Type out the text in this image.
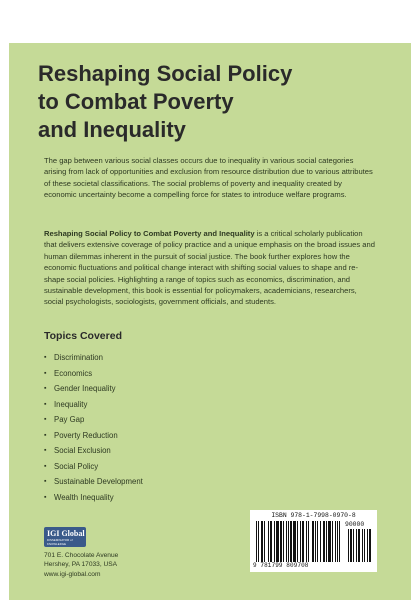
Reshaping Social Policy
to Combat Poverty
and Inequality

The gap between various social classes occurs due to inequality in various social categories arising from lack of opportunities and exclusion from resource distribution due to various attributes of these societal classifications. The social problems of poverty and inequality created by economic uncertainty become a compelling force for states to introduce welfare programs.

Reshaping Social Policy to Combat Poverty and Inequality is a critical scholarly publication that delivers extensive coverage of policy practice and a unique emphasis on the broad issues and human dilemmas inherent in the pursuit of social justice. The book further explores how the economic fluctuations and political change interact with shifting social values to shape and re-shape social policies. Highlighting a range of topics such as economics, discrimination, and sustainable development, this book is essential for policymakers, academicians, researchers, social psychologists, sociologists, government officials, and students.

Topics Covered
▪ Discrimination
▪ Economics
▪ Gender Inequality
▪ Inequality
▪ Pay Gap
▪ Poverty Reduction
▪ Social Exclusion
▪ Social Policy
▪ Sustainable Development
▪ Wealth Inequality
IGI Global
DISSEMINATOR of KNOWLEDGE
701 E. Chocolate Avenue
Hershey, PA 17033, USA
www.igi-global.com
ISBN 978-1-7998-0970-8
90000
9 781799 809708
